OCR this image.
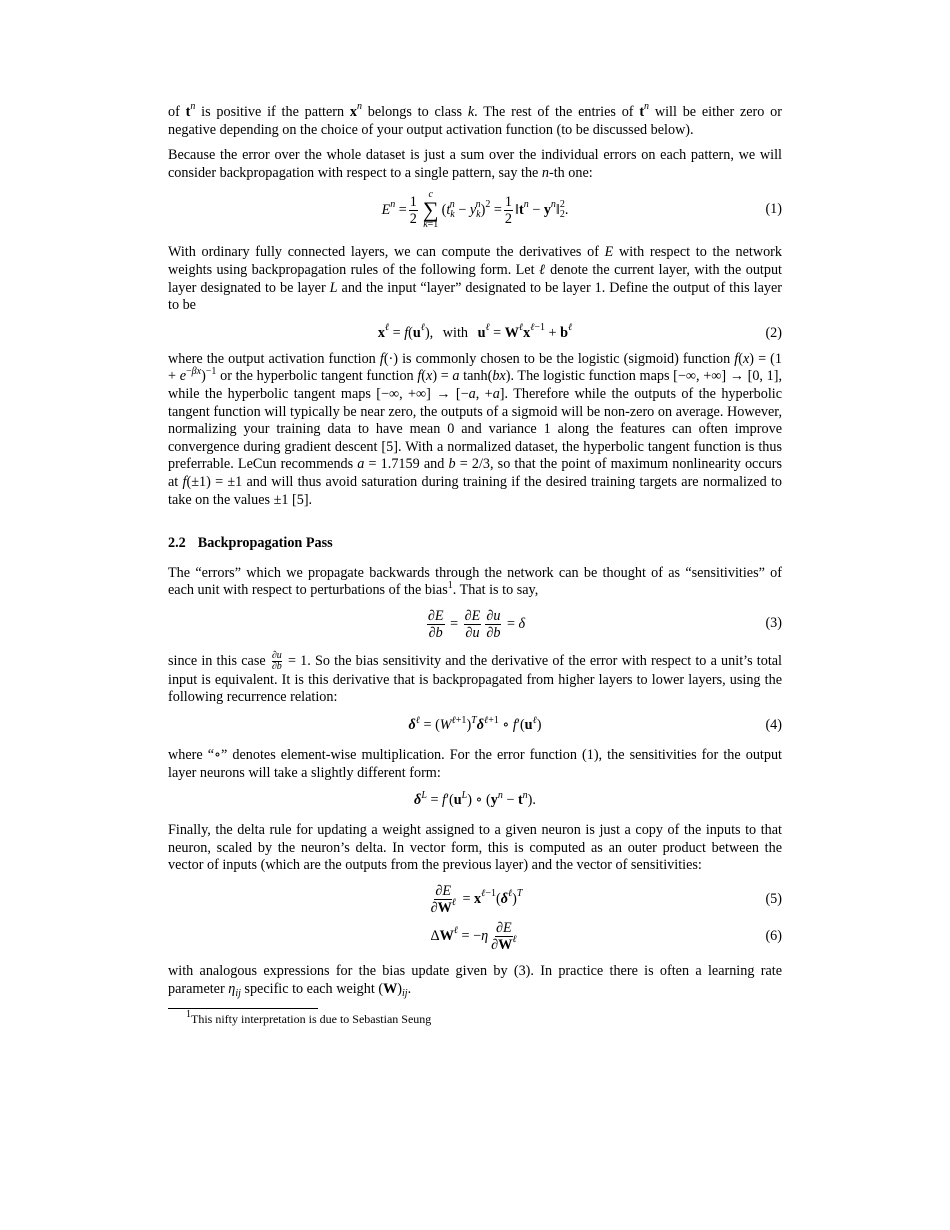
of $t^n$ is positive if the pattern $x^n$ belongs to class k. The rest of the entries of $t^n$ will be either zero or negative depending on the choice of your output activation function (to be discussed below).

Because the error over the whole dataset is just a sum over the individual errors on each pattern, we will consider backpropagation with respect to a single pattern, say the n-th one:

$E^n = \frac{1}{2}$ c
∑
k=1
$(t_k^n - y_k^n)^2 = \frac{1}{2}$ $‖t^n$ − $y^n‖_2^2$.	(1)

With ordinary fully connected layers, we can compute the derivatives of E with respect to the network weights using backpropagation rules of the following form. Let ℓ denote the current layer, with the output layer designated to be layer L and the input “layer” designated to be layer 1. Define the output of this layer to be

$x^\ell = f(u^\ell)$, with $u^\ell = W^\ell x^{\ell-1} + b^\ell$	(2)

where the output activation function f(·) is commonly chosen to be the logistic (sigmoid) function $f(x) = (1 + e^{-\beta x})^{-1}$ or the hyperbolic tangent function f(x) = a tanh(bx). The logistic function maps [−∞, +∞] → [0, 1], while the hyperbolic tangent maps [−∞, +∞] → [−a, +a]. Therefore while the outputs of the hyperbolic tangent function will typically be near zero, the outputs of a sigmoid will be non-zero on average. However, normalizing your training data to have mean 0 and variance 1 along the features can often improve convergence during gradient descent [5]. With a normalized dataset, the hyperbolic tangent function is thus preferrable. LeCun recommends a = 1.7159 and b = 2/3, so that the point of maximum nonlinearity occurs at f(±1) = ±1 and will thus avoid saturation during training if the desired training targets are normalized to take on the values ±1 [5].

2.2 Backpropagation Pass

The “errors” which we propagate backwards through the network can be thought of as “sensitivities” of each unit with respect to perturbations of the bias$^1$. That is to say,

$\frac{\partial E}{\partial b} = \frac{\partial E}{\partial u} \frac{\partial u}{\partial b} = \delta$	(3)

since in this case $\frac{\partial u}{\partial b} = 1$. So the bias sensitivity and the derivative of the error with respect to a unit’s total input is equivalent. It is this derivative that is backpropagated from higher layers to lower layers, using the following recurrence relation:

$\delta^\ell = (W^{\ell+1})^T\delta^{\ell+1}$ ∘ $f'(u^\ell)$	(4)

where “∘” denotes element-wise multiplication. For the error function (1), the sensitivities for the output layer neurons will take a slightly different form:

$\delta^L = f'(u^L)$ ∘ $(y^n - t^n)$.

Finally, the delta rule for updating a weight assigned to a given neuron is just a copy of the inputs to that neuron, scaled by the neuron’s delta. In vector form, this is computed as an outer product between the vector of inputs (which are the outputs from the previous layer) and the vector of sensitivities:

$\frac{\partial E}{\partial W^\ell} = x^{\ell-1}(\delta^\ell)^T$	(5)
$\Delta W^\ell = -\eta \frac{\partial E}{\partial W^\ell}$	(6)

with analogous expressions for the bias update given by (3). In practice there is often a learning rate parameter $\eta_{ij}$ specific to each weight $(W)_{ij}$.

$^1$This nifty interpretation is due to Sebastian Seung
